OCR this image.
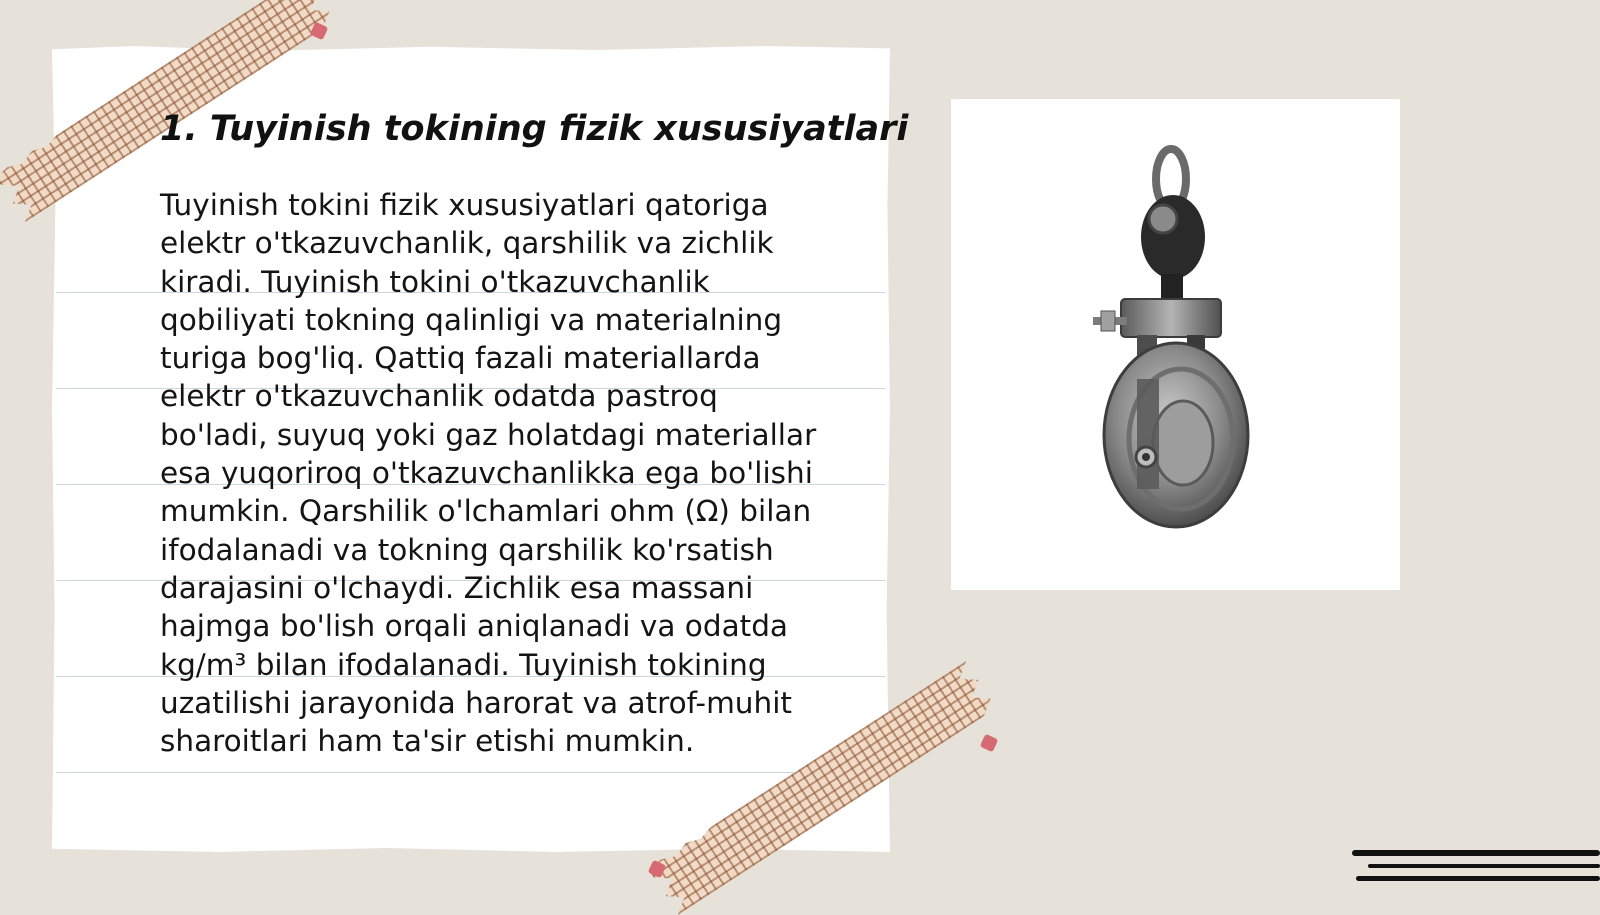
1. Tuyinish tokining fizik xususiyatlari

Tuyinish tokini fizik xususiyatlari qatoriga
elektr o'tkazuvchanlik, qarshilik va zichlik
kiradi. Tuyinish tokini o'tkazuvchanlik
qobiliyati tokning qalinligi va materialning
turiga bog'liq. Qattiq fazali materiallarda
elektr o'tkazuvchanlik odatda pastroq
bo'ladi, suyuq yoki gaz holatdagi materiallar
esa yuqoriroq o'tkazuvchanlikka ega bo'lishi
mumkin. Qarshilik o'lchamlari ohm (Ω) bilan
ifodalanadi va tokning qarshilik ko'rsatish
darajasini o'lchaydi. Zichlik esa massani
hajmga bo'lish orqali aniqlanadi va odatda
kg/m³ bilan ifodalanadi. Tuyinish tokining
uzatilishi jarayonida harorat va atrof-muhit
sharoitlari ham ta'sir etishi mumkin.
